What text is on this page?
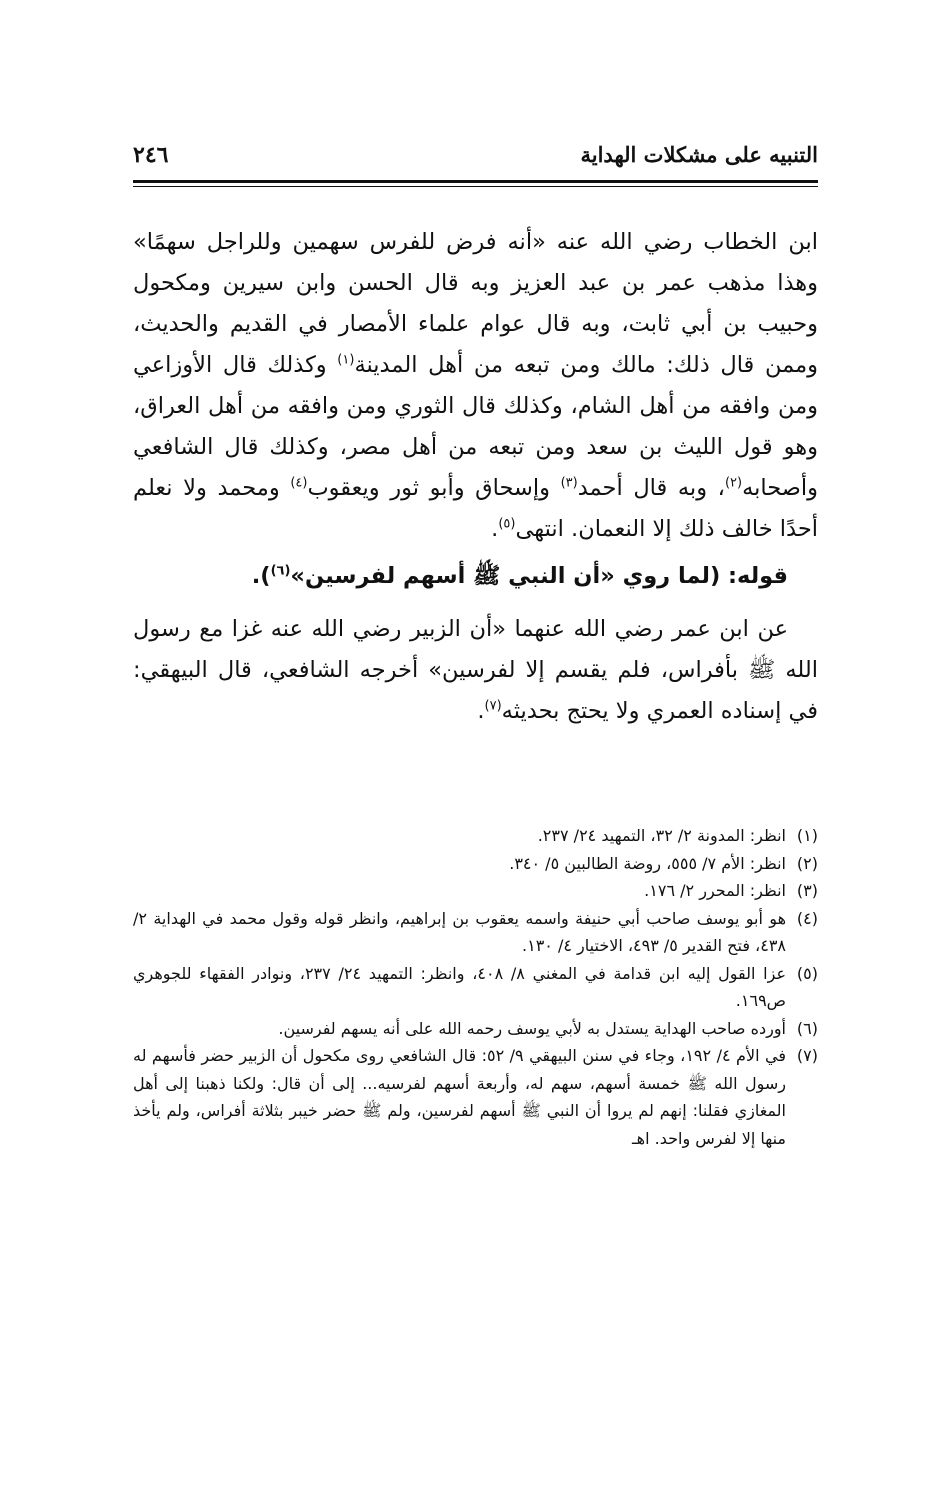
التنبيه على مشكلات الهداية
٢٤٦

ابن الخطاب رضي الله عنه «أنه فرض للفرس سهمين وللراجل سهمًا» وهذا مذهب عمر بن عبد العزيز وبه قال الحسن وابن سيرين ومكحول وحبيب بن أبي ثابت، وبه قال عوام علماء الأمصار في القديم والحديث، وممن قال ذلك: مالك ومن تبعه من أهل المدينة$^{(١)}$ وكذلك قال الأوزاعي ومن وافقه من أهل الشام، وكذلك قال الثوري ومن وافقه من أهل العراق، وهو قول الليث بن سعد ومن تبعه من أهل مصر، وكذلك قال الشافعي وأصحابه$^{(٢)}$، وبه قال أحمد$^{(٣)}$ وإسحاق وأبو ثور ويعقوب$^{(٤)}$ ومحمد ولا نعلم أحدًا خالف ذلك إلا النعمان. انتهى$^{(٥)}$.

قوله: (لما روي «أن النبي ﷺ أسهم لفرسين»$^{(٦)}$).

عن ابن عمر رضي الله عنهما «أن الزبير رضي الله عنه غزا مع رسول الله ﷺ بأفراس، فلم يقسم إلا لفرسين» أخرجه الشافعي، قال البيهقي: في إسناده العمري ولا يحتج بحديثه$^{(٧)}$.

(١)
انظر: المدونة ٢/ ٣٢، التمهيد ٢٤/ ٢٣٧.
(٢)
انظر: الأم ٧/ ٥٥٥، روضة الطالبين ٥/ ٣٤٠.
(٣)
انظر: المحرر ٢/ ١٧٦.
(٤)
هو أبو يوسف صاحب أبي حنيفة واسمه يعقوب بن إبراهيم، وانظر قوله وقول محمد في الهداية ٢/ ٤٣٨، فتح القدير ٥/ ٤٩٣، الاختيار ٤/ ١٣٠.
(٥)
عزا القول إليه ابن قدامة في المغني ٨/ ٤٠٨، وانظر: التمهيد ٢٤/ ٢٣٧، ونوادر الفقهاء للجوهري ص١٦٩.
(٦)
أورده صاحب الهداية يستدل به لأبي يوسف رحمه الله على أنه يسهم لفرسين.
(٧)
في الأم ٤/ ١٩٢، وجاء في سنن البيهقي ٩/ ٥٢: قال الشافعي روى مكحول أن الزبير حضر فأسهم له رسول الله ﷺ خمسة أسهم، سهم له، وأربعة أسهم لفرسيه... إلى أن قال: ولكنا ذهبنا إلى أهل المغازي فقلنا: إنهم لم يروا أن النبي ﷺ أسهم لفرسين، ولم ﷺ حضر خيبر بثلاثة أفراس، ولم يأخذ منها إلا لفرس واحد. اهـ
